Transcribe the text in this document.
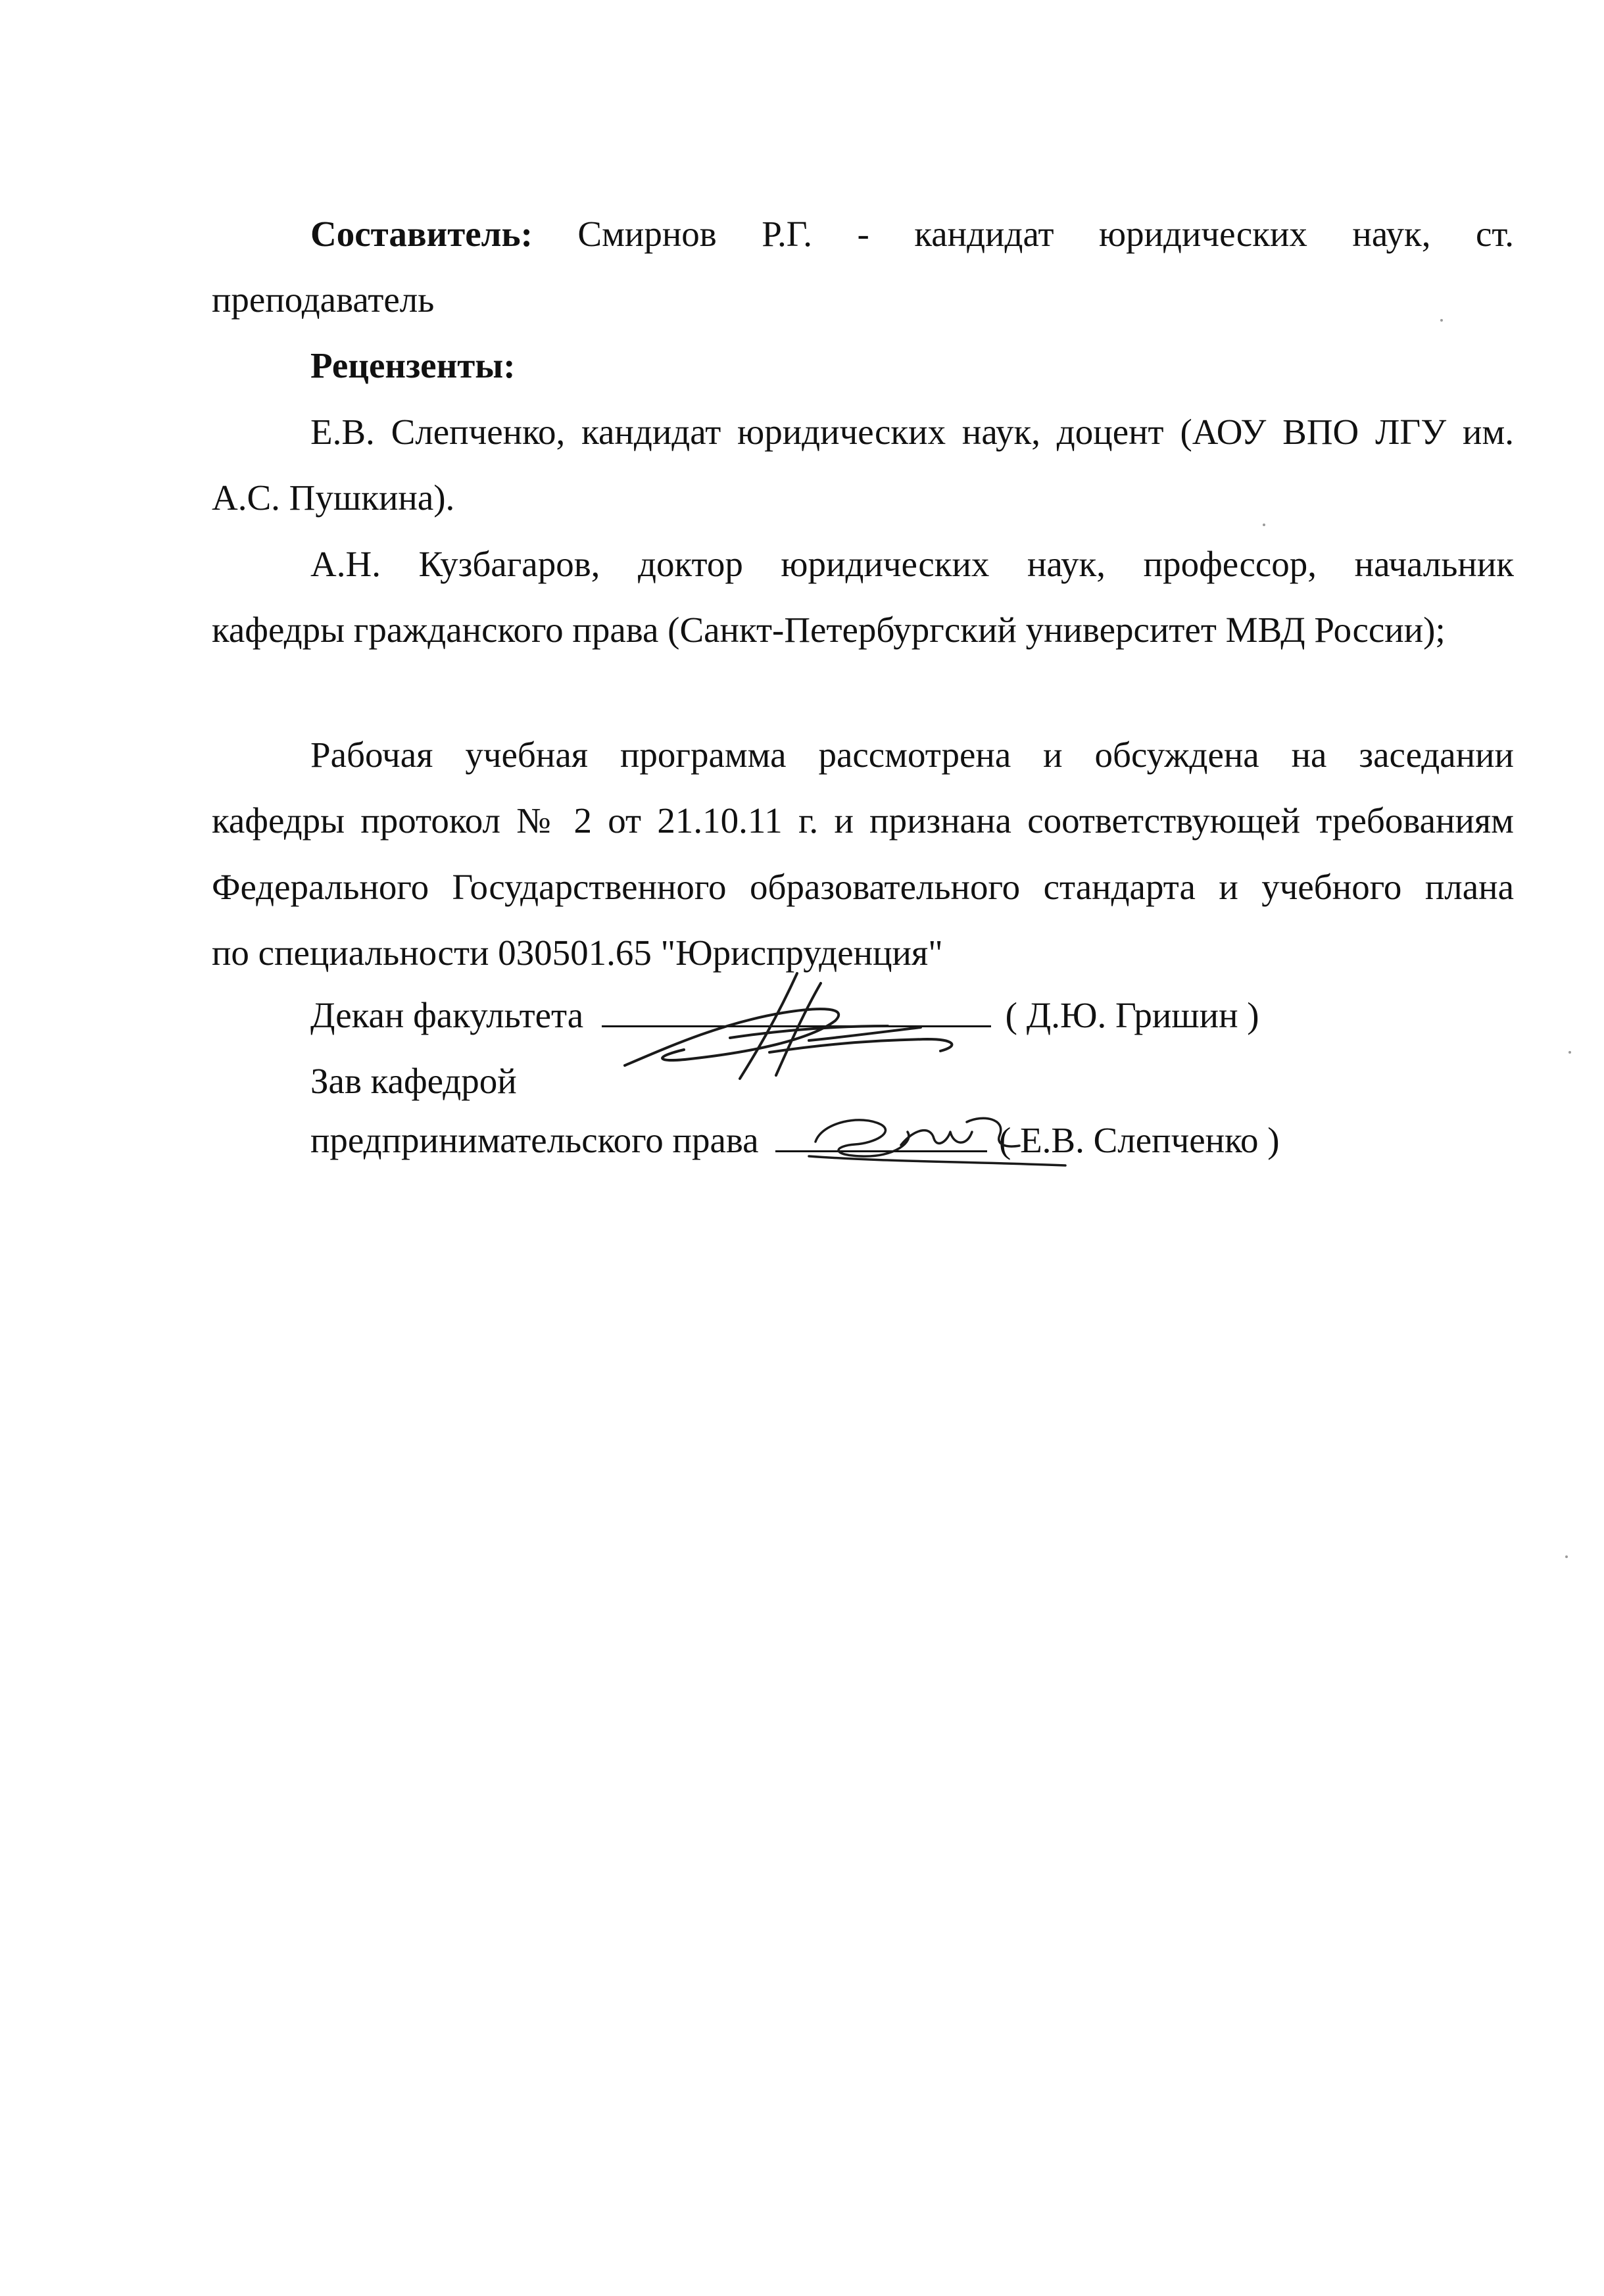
Составитель: Смирнов Р.Г. - кандидат юридических наук, ст.
преподаватель
Рецензенты:
Е.В. Слепченко, кандидат юридических наук, доцент (АОУ ВПО ЛГУ им.
А.С. Пушкина).
А.Н. Кузбагаров, доктор юридических наук, профессор, начальник
кафедры гражданского права (Санкт-Петербургский университет МВД России);
Рабочая учебная программа рассмотрена и обсуждена на заседании
кафедры протокол № 2 от 21.10.11 г. и признана соответствующей требованиям
Федерального Государственного образовательного стандарта и учебного плана
по специальности 030501.65 "Юриспруденция"
Декан факультета	( Д.Ю. Гришин )
Зав кафедрой
предпринимательского права	( Е.В. Слепченко )
